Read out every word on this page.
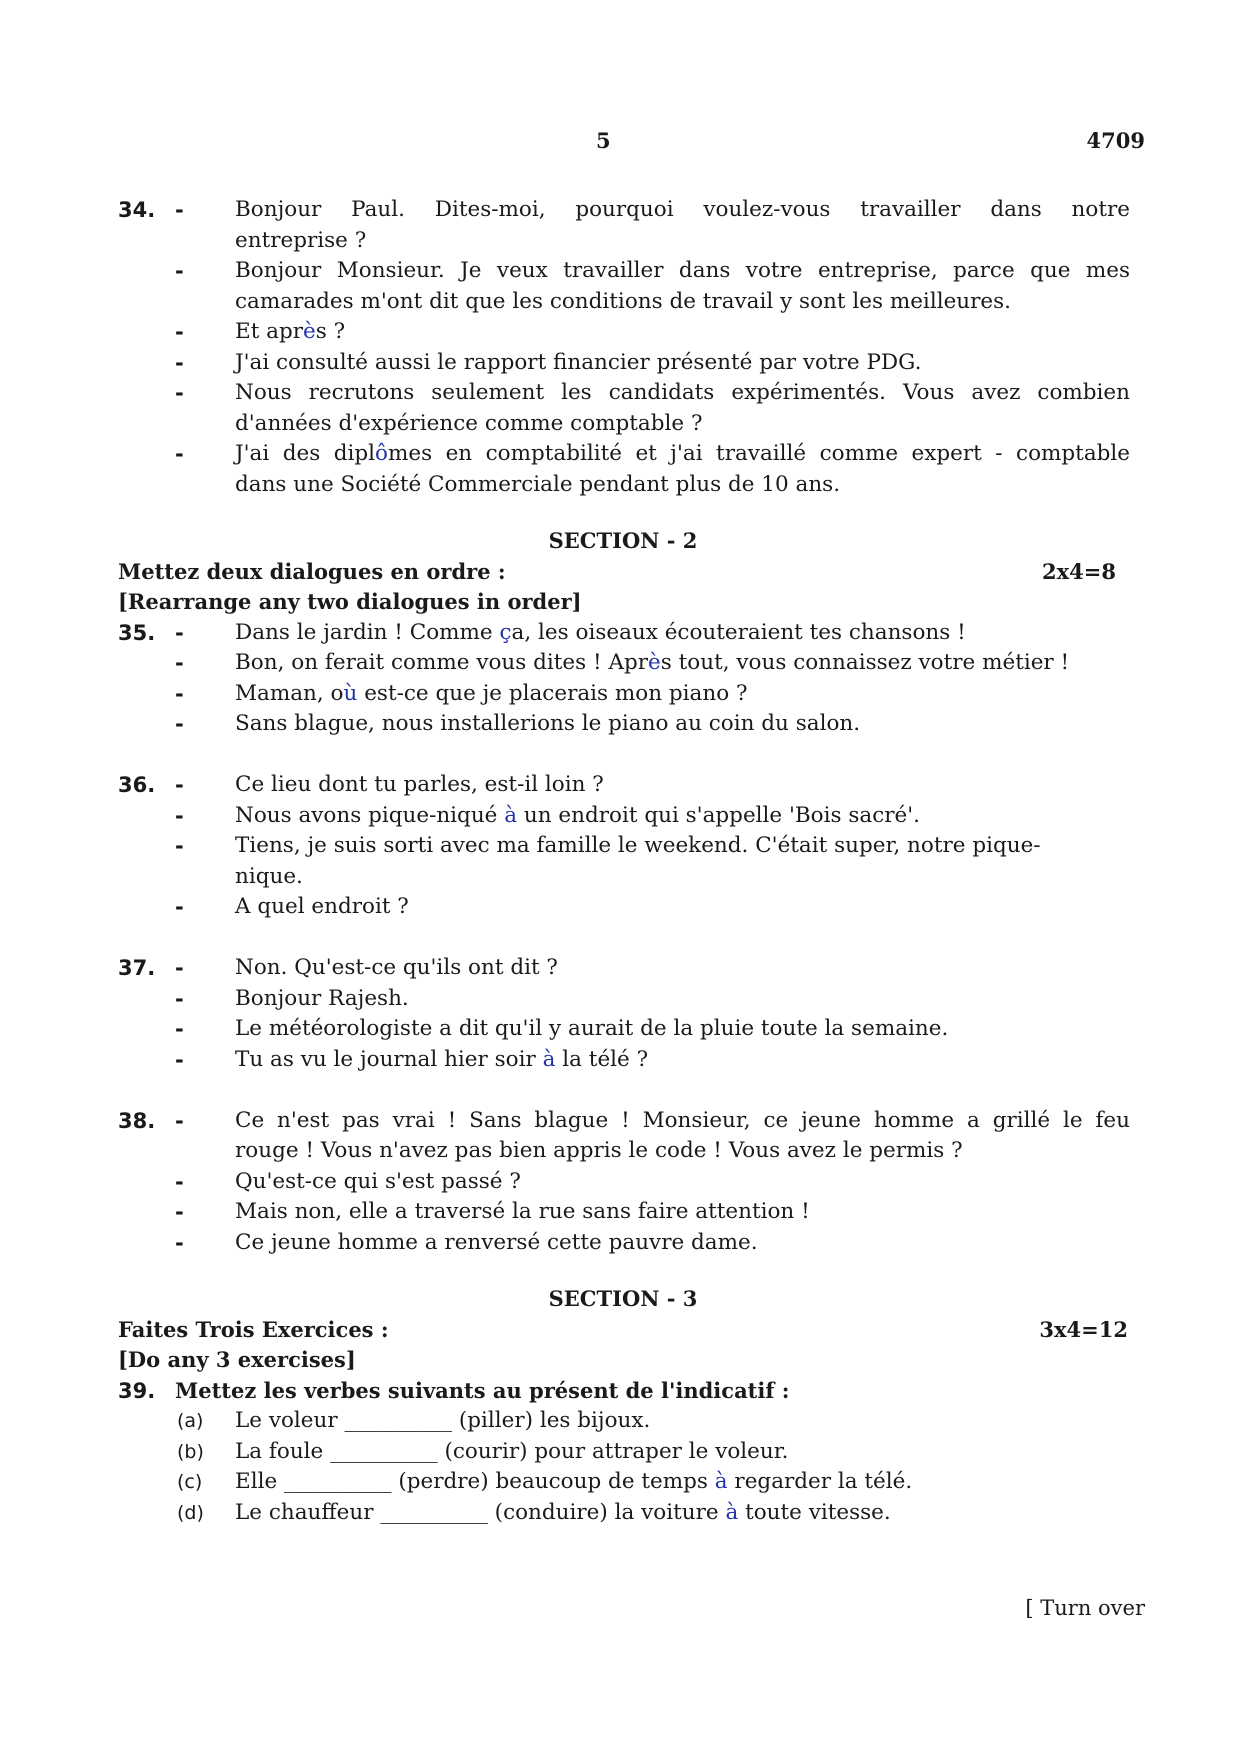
5	4709
34. - Bonjour Paul. Dites-moi, pourquoi voulez-vous travailler dans notre
entreprise ?
- Bonjour Monsieur. Je veux travailler dans votre entreprise, parce que mes
camarades m'ont dit que les conditions de travail y sont les meilleures.
- Et après ?
- J'ai consulté aussi le rapport financier présenté par votre PDG.
- Nous recrutons seulement les candidats expérimentés. Vous avez combien
d'années d'expérience comme comptable ?
- J'ai des diplômes en comptabilité et j'ai travaillé comme expert - comptable
dans une Société Commerciale pendant plus de 10 ans.
SECTION - 2
Mettez deux dialogues en ordre :	2x4=8
[Rearrange any two dialogues in order]
35. - Dans le jardin ! Comme ça, les oiseaux écouteraient tes chansons !
- Bon, on ferait comme vous dites ! Après tout, vous connaissez votre métier !
- Maman, où est-ce que je placerais mon piano ?
- Sans blague, nous installerions le piano au coin du salon.
36. - Ce lieu dont tu parles, est-il loin ?
- Nous avons pique-niqué à un endroit qui s'appelle 'Bois sacré'.
- Tiens, je suis sorti avec ma famille le weekend. C'était super, notre pique-
nique.
- A quel endroit ?
37. - Non. Qu'est-ce qu'ils ont dit ?
- Bonjour Rajesh.
- Le météorologiste a dit qu'il y aurait de la pluie toute la semaine.
- Tu as vu le journal hier soir à la télé ?
38. - Ce n'est pas vrai ! Sans blague ! Monsieur, ce jeune homme a grillé le feu
rouge ! Vous n'avez pas bien appris le code ! Vous avez le permis ?
- Qu'est-ce qui s'est passé ?
- Mais non, elle a traversé la rue sans faire attention !
- Ce jeune homme a renversé cette pauvre dame.
SECTION - 3
Faites Trois Exercices :	3x4=12
[Do any 3 exercises]
39. Mettez les verbes suivants au présent de l'indicatif :
(a) Le voleur __________ (piller) les bijoux.
(b) La foule __________ (courir) pour attraper le voleur.
(c) Elle __________ (perdre) beaucoup de temps à regarder la télé.
(d) Le chauffeur __________ (conduire) la voiture à toute vitesse.
[ Turn over
